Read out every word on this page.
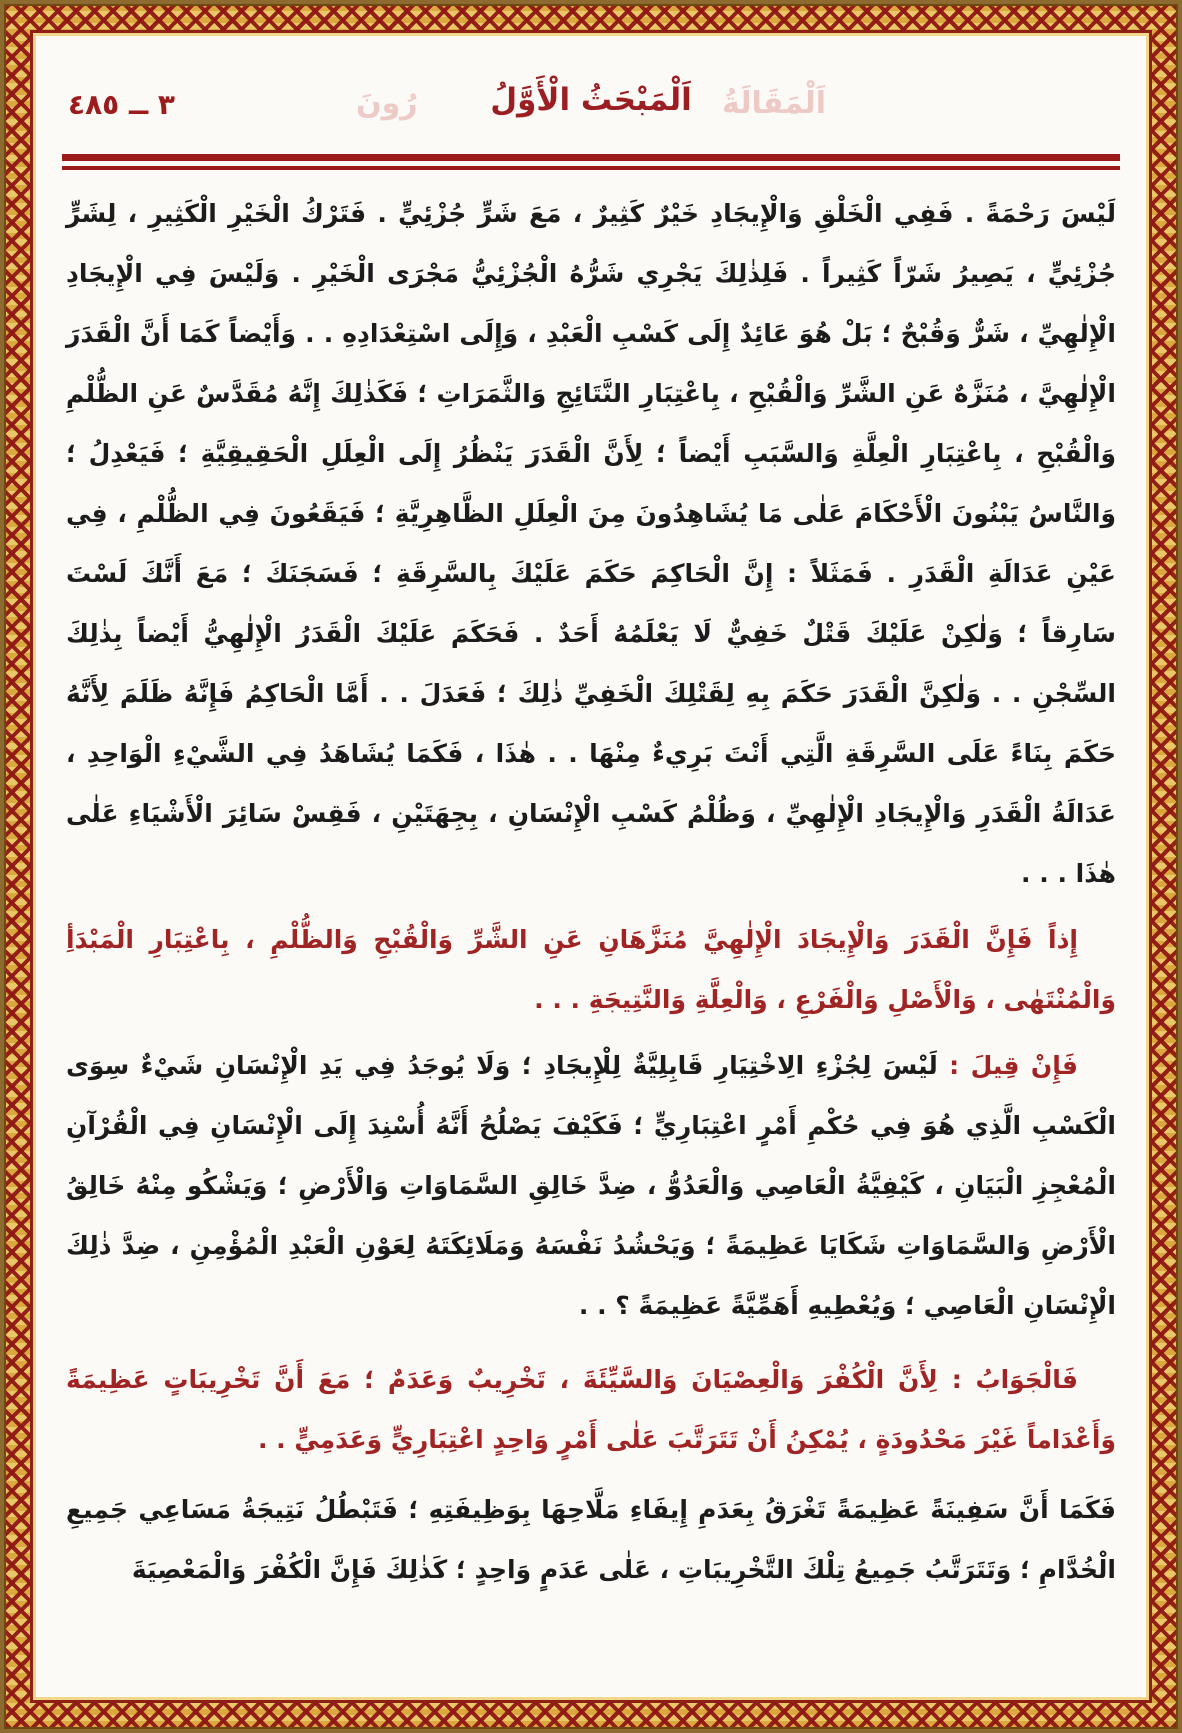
٣ ــ ٤٨٥	اَلْمَقَالَةُ
رُونَ اَلْمَبْحَثُ الْأَوَّلُ

لَيْسَ رَحْمَةً . فَفِي الْخَلْقِ وَالْإِيجَادِ خَيْرٌ كَثِيرٌ ، مَعَ شَرٍّ جُزْئِيٍّ . فَتَرْكُ الْخَيْرِ الْكَثِيرِ ، لِشَرٍّ جُزْئِيٍّ ، يَصِيرُ شَرّاً كَثِيراً . فَلِذٰلِكَ يَجْرِي شَرُّهُ الْجُزْئِيُّ مَجْرَى الْخَيْرِ . وَلَيْسَ فِي الْإِيجَادِ الْإِلٰهِيِّ ، شَرٌّ وَقُبْحٌ ؛ بَلْ هُوَ عَائِدٌ إِلَى كَسْبِ الْعَبْدِ ، وَإِلَى اسْتِعْدَادِهِ . . وَأَيْضاً كَمَا أَنَّ الْقَدَرَ الْإِلٰهِيَّ ، مُنَزَّهٌ عَنِ الشَّرِّ وَالْقُبْحِ ، بِاعْتِبَارِ النَّتَائِجِ وَالثَّمَرَاتِ ؛ فَكَذٰلِكَ إِنَّهُ مُقَدَّسٌ عَنِ الظُّلْمِ وَالْقُبْحِ ، بِاعْتِبَارِ الْعِلَّةِ وَالسَّبَبِ أَيْضاً ؛ لِأَنَّ الْقَدَرَ يَنْظُرُ إِلَى الْعِلَلِ الْحَقِيقِيَّةِ ؛ فَيَعْدِلُ ؛ وَالنَّاسُ يَبْنُونَ الْأَحْكَامَ عَلٰى مَا يُشَاهِدُونَ مِنَ الْعِلَلِ الظَّاهِرِيَّةِ ؛ فَيَقَعُونَ فِي الظُّلْمِ ، فِي عَيْنِ عَدَالَةِ الْقَدَرِ . فَمَثَلاً : إِنَّ الْحَاكِمَ حَكَمَ عَلَيْكَ بِالسَّرِقَةِ ؛ فَسَجَنَكَ ؛ مَعَ أَنَّكَ لَسْتَ سَارِقاً ؛ وَلٰكِنْ عَلَيْكَ قَتْلٌ خَفِيٌّ لَا يَعْلَمُهُ أَحَدٌ . فَحَكَمَ عَلَيْكَ الْقَدَرُ الْإِلٰهِيُّ أَيْضاً بِذٰلِكَ السِّجْنِ . . وَلٰكِنَّ الْقَدَرَ حَكَمَ بِهِ لِقَتْلِكَ الْخَفِيِّ ذٰلِكَ ؛ فَعَدَلَ . . أَمَّا الْحَاكِمُ فَإِنَّهُ ظَلَمَ لِأَنَّهُ حَكَمَ بِنَاءً عَلَى السَّرِقَةِ الَّتِي أَنْتَ بَرِيءٌ مِنْهَا . . هٰذَا ، فَكَمَا يُشَاهَدُ فِي الشَّيْءِ الْوَاحِدِ ، عَدَالَةُ الْقَدَرِ وَالْإِيجَادِ الْإِلٰهِيِّ ، وَظُلْمُ كَسْبِ الْإِنْسَانِ ، بِجِهَتَيْنِ ، فَقِسْ سَائِرَ الْأَشْيَاءِ عَلٰى هٰذَا . . .

إِذاً فَإِنَّ الْقَدَرَ وَالْإِيجَادَ الْإِلٰهِيَّ مُنَزَّهَانِ عَنِ الشَّرِّ وَالْقُبْحِ وَالظُّلْمِ ، بِاعْتِبَارِ الْمَبْدَأِ وَالْمُنْتَهٰى ، وَالْأَصْلِ وَالْفَرْعِ ، وَالْعِلَّةِ وَالنَّتِيجَةِ . . .

فَإِنْ قِيلَ : لَيْسَ لِجُزْءِ الِاخْتِيَارِ قَابِلِيَّةٌ لِلْإِيجَادِ ؛ وَلَا يُوجَدُ فِي يَدِ الْإِنْسَانِ شَيْءٌ سِوَى الْكَسْبِ الَّذِي هُوَ فِي حُكْمِ أَمْرٍ اعْتِبَارِيٍّ ؛ فَكَيْفَ يَصْلُحُ أَنَّهُ أُسْنِدَ إِلَى الْإِنْسَانِ فِي الْقُرْآنِ الْمُعْجِزِ الْبَيَانِ ، كَيْفِيَّةُ الْعَاصِي وَالْعَدُوُّ ، ضِدَّ خَالِقِ السَّمَاوَاتِ وَالْأَرْضِ ؛ وَيَشْكُو مِنْهُ خَالِقُ الْأَرْضِ وَالسَّمَاوَاتِ شَكَايَا عَظِيمَةً ؛ وَيَحْشُدُ نَفْسَهُ وَمَلَائِكَتَهُ لِعَوْنِ الْعَبْدِ الْمُؤْمِنِ ، ضِدَّ ذٰلِكَ الْإِنْسَانِ الْعَاصِي ؛ وَيُعْطِيهِ أَهَمِّيَّةً عَظِيمَةً ؟ . .

فَالْجَوَابُ : لِأَنَّ الْكُفْرَ وَالْعِصْيَانَ وَالسَّيِّئَةَ ، تَخْرِيبٌ وَعَدَمٌ ؛ مَعَ أَنَّ تَخْرِيبَاتٍ عَظِيمَةً وَأَعْدَاماً غَيْرَ مَحْدُودَةٍ ، يُمْكِنُ أَنْ تَتَرَتَّبَ عَلٰى أَمْرٍ وَاحِدٍ اعْتِبَارِيٍّ وَعَدَمِيٍّ . .

فَكَمَا أَنَّ سَفِينَةً عَظِيمَةً تَغْرَقُ بِعَدَمِ إِيفَاءِ مَلَّاحِهَا بِوَظِيفَتِهِ ؛ فَتَبْطُلُ نَتِيجَةُ مَسَاعِي جَمِيعِ الْخُدَّامِ ؛ وَتَتَرَتَّبُ جَمِيعُ تِلْكَ التَّخْرِيبَاتِ ، عَلٰى عَدَمٍ وَاحِدٍ ؛ كَذٰلِكَ فَإِنَّ الْكُفْرَ وَالْمَعْصِيَةَ
